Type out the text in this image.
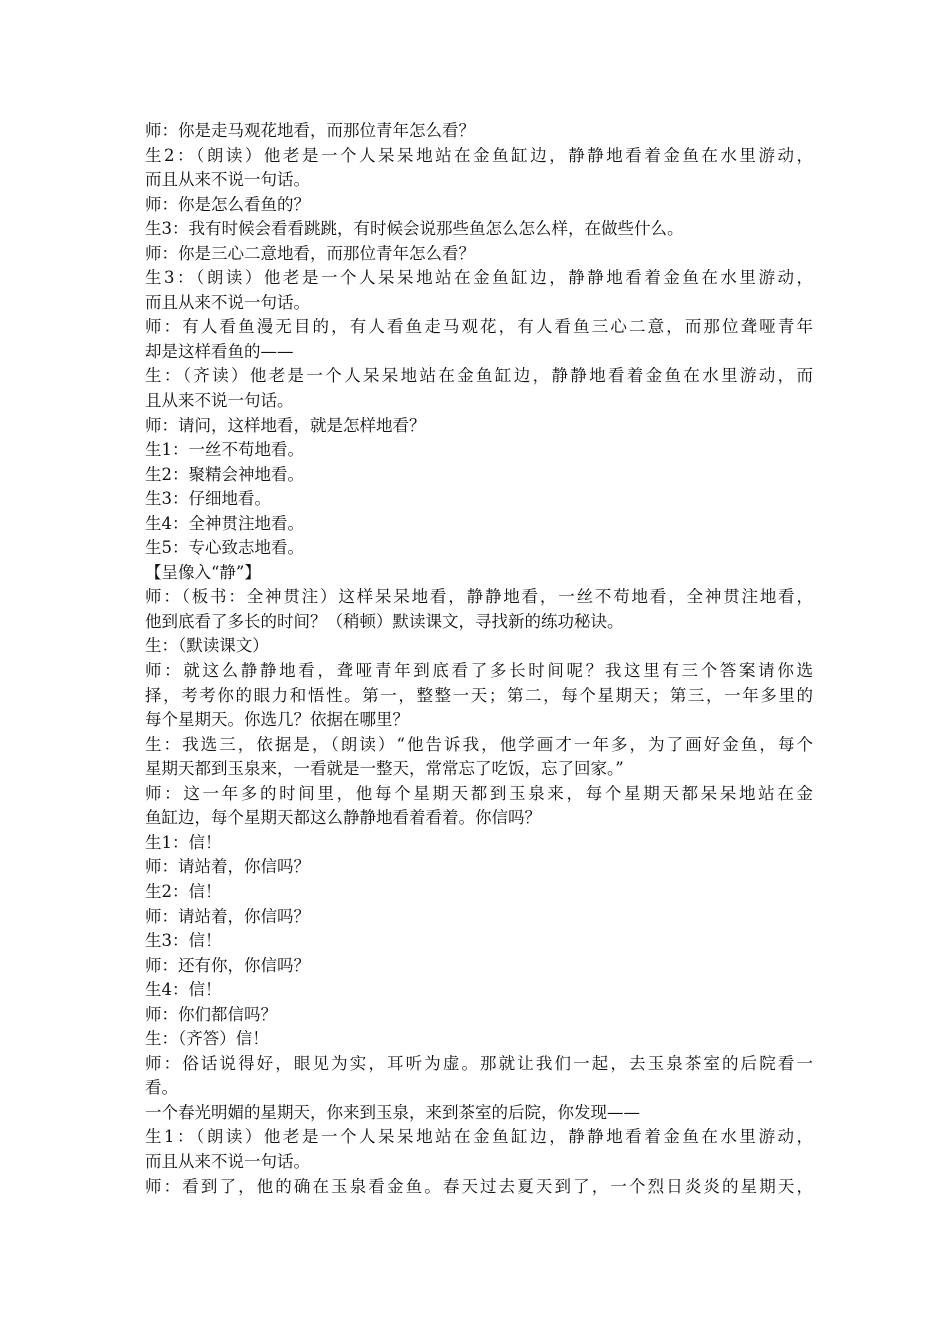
师：你是走马观花地看，而那位青年怎么看？
生2：（朗读）他老是一个人呆呆地站在金鱼缸边，静静地看着金鱼在水里游动，
而且从来不说一句话。
师：你是怎么看鱼的？
生3：我有时候会看看跳跳，有时候会说那些鱼怎么怎么样，在做些什么。
师：你是三心二意地看，而那位青年怎么看？
生3：（朗读）他老是一个人呆呆地站在金鱼缸边，静静地看着金鱼在水里游动，
而且从来不说一句话。
师：有人看鱼漫无目的，有人看鱼走马观花，有人看鱼三心二意，而那位聋哑青年
却是这样看鱼的——
生：（齐读）他老是一个人呆呆地站在金鱼缸边，静静地看着金鱼在水里游动，而
且从来不说一句话。
师：请问，这样地看，就是怎样地看？
生1：一丝不苟地看。
生2：聚精会神地看。
生3：仔细地看。
生4：全神贯注地看。
生5：专心致志地看。
【呈像入“静”】
师：（板书：全神贯注）这样呆呆地看，静静地看，一丝不苟地看，全神贯注地看，
他到底看了多长的时间？（稍顿）默读课文，寻找新的练功秘诀。
生：（默读课文）
师：就这么静静地看，聋哑青年到底看了多长时间呢？我这里有三个答案请你选
择，考考你的眼力和悟性。第一，整整一天；第二，每个星期天；第三，一年多里的
每个星期天。你选几？依据在哪里？
生：我选三，依据是，（朗读）“他告诉我，他学画才一年多，为了画好金鱼，每个
星期天都到玉泉来，一看就是一整天，常常忘了吃饭，忘了回家。”
师：这一年多的时间里，他每个星期天都到玉泉来，每个星期天都呆呆地站在金
鱼缸边，每个星期天都这么静静地看着看着。你信吗？
生1：信！
师：请站着，你信吗？
生2：信！
师：请站着，你信吗？
生3：信！
师：还有你，你信吗？
生4：信！
师：你们都信吗？
生：（齐答）信！
师：俗话说得好，眼见为实，耳听为虚。那就让我们一起，去玉泉茶室的后院看一
看。
一个春光明媚的星期天，你来到玉泉，来到茶室的后院，你发现——
生1：（朗读）他老是一个人呆呆地站在金鱼缸边，静静地看着金鱼在水里游动，
而且从来不说一句话。
师：看到了，他的确在玉泉看金鱼。春天过去夏天到了，一个烈日炎炎的星期天，
